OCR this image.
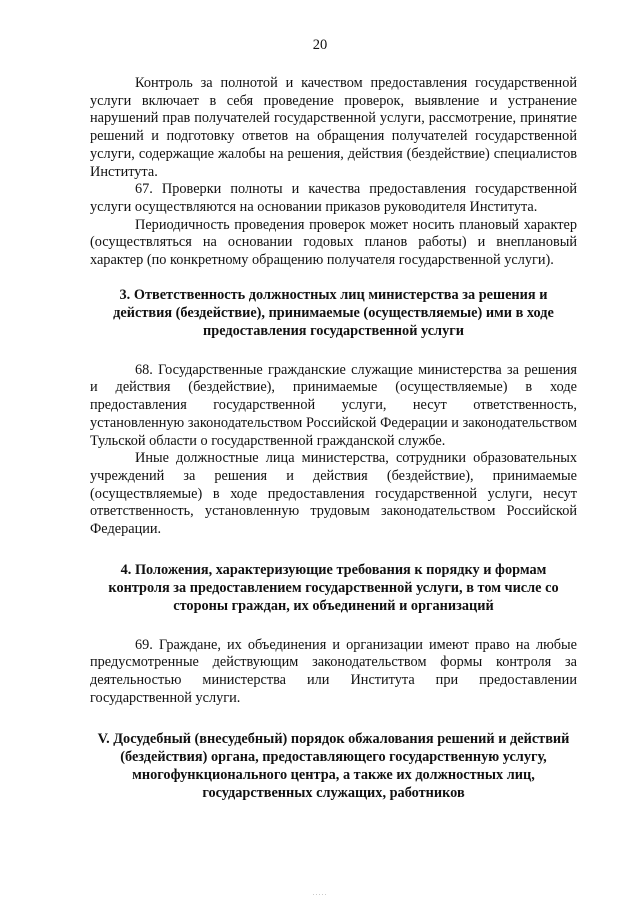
20

Контроль за полнотой и качеством предоставления государственной услуги включает в себя проведение проверок, выявление и устранение нарушений прав получателей государственной услуги, рассмотрение, принятие решений и подготовку ответов на обращения получателей государственной услуги, содержащие жалобы на решения, действия (бездействие) специалистов Института.

67. Проверки полноты и качества предоставления государственной услуги осуществляются на основании приказов руководителя Института.

Периодичность проведения проверок может носить плановый характер (осуществляться на основании годовых планов работы) и внеплановый характер (по конкретному обращению получателя государственной услуги).

3. Ответственность должностных лиц министерства за решения и действия (бездействие), принимаемые (осуществляемые) ими в ходе предоставления государственной услуги

68. Государственные гражданские служащие министерства за решения и действия (бездействие), принимаемые (осуществляемые) в ходе предоставления государственной услуги, несут ответственность, установленную законодательством Российской Федерации и законодательством Тульской области о государственной гражданской службе.

Иные должностные лица министерства, сотрудники образовательных учреждений за решения и действия (бездействие), принимаемые (осуществляемые) в ходе предоставления государственной услуги, несут ответственность, установленную трудовым законодательством Российской Федерации.

4. Положения, характеризующие требования к порядку и формам контроля за предоставлением государственной услуги, в том числе со стороны граждан, их объединений и организаций

69. Граждане, их объединения и организации имеют право на любые предусмотренные действующим законодательством формы контроля за деятельностью министерства или Института при предоставлении государственной услуги.

V. Досудебный (внесудебный) порядок обжалования решений и действий (бездействия) органа, предоставляющего государственную услугу, многофункционального центра, а также их должностных лиц, государственных служащих, работников
.....
